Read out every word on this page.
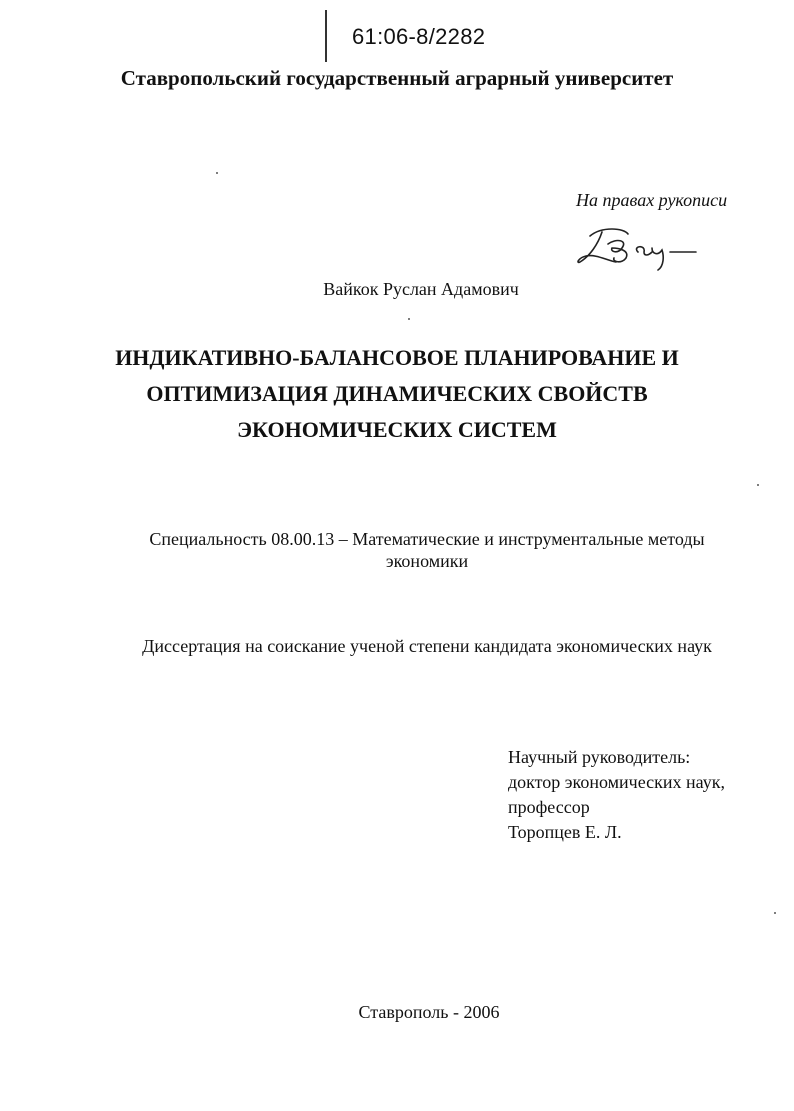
61:06-8/2282
Ставропольский государственный аграрный университет
На правах рукописи
Вайкок Руслан Адамович
ИНДИКАТИВНО-БАЛАНСОВОЕ ПЛАНИРОВАНИЕ И
ОПТИМИЗАЦИЯ ДИНАМИЧЕСКИХ СВОЙСТВ
ЭКОНОМИЧЕСКИХ СИСТЕМ
Специальность 08.00.13 – Математические и инструментальные методы
экономики
Диссертация на соискание ученой степени кандидата экономических наук
Научный руководитель:
доктор экономических наук,
профессор
Торопцев Е. Л.
Ставрополь - 2006
